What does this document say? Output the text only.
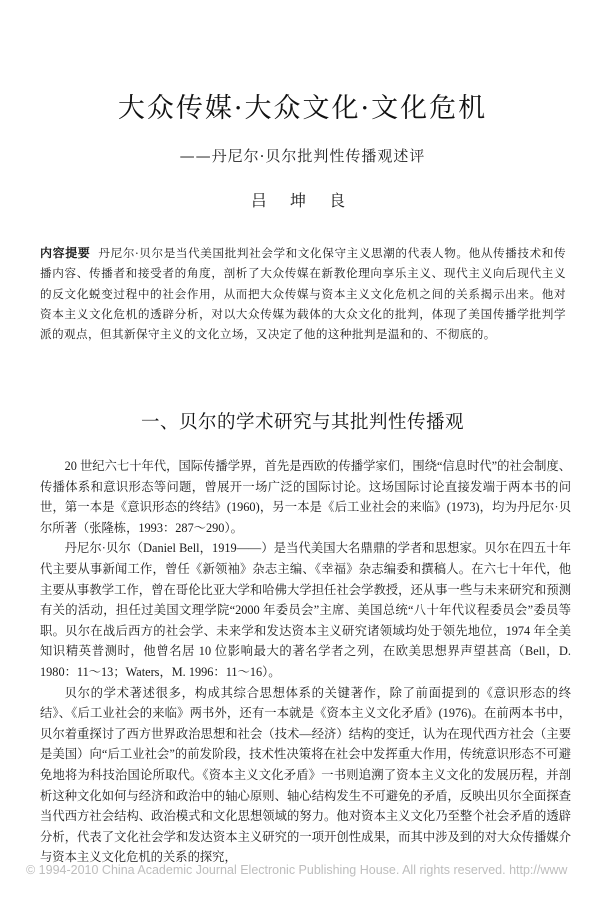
大众传媒·大众文化·文化危机
——丹尼尔·贝尔批判性传播观述评
吕 坤 良
内容提要 丹尼尔·贝尔是当代美国批判社会学和文化保守主义思潮的代表人物。他从传播技术和传播内容、传播者和接受者的角度，剖析了大众传媒在新教伦理向享乐主义、现代主义向后现代主义的反文化蜕变过程中的社会作用，从而把大众传媒与资本主义文化危机之间的关系揭示出来。他对资本主义文化危机的透辟分析，对以大众传媒为载体的大众文化的批判，体现了美国传播学批判学派的观点，但其新保守主义的文化立场，又决定了他的这种批判是温和的、不彻底的。
一、贝尔的学术研究与其批判性传播观

20 世纪六七十年代，国际传播学界，首先是西欧的传播学家们，围绕“信息时代”的社会制度、传播体系和意识形态等问题，曾展开一场广泛的国际讨论。这场国际讨论直接发端于两本书的问世，第一本是《意识形态的终结》(1960)，另一本是《后工业社会的来临》(1973)，均为丹尼尔·贝尔所著（张隆栋，1993：287～290）。

丹尼尔·贝尔（Daniel Bell，1919——）是当代美国大名鼎鼎的学者和思想家。贝尔在四五十年代主要从事新闻工作，曾任《新领袖》杂志主编、《幸福》杂志编委和撰稿人。在六七十年代，他主要从事教学工作，曾在哥伦比亚大学和哈佛大学担任社会学教授，还从事一些与未来研究和预测有关的活动，担任过美国文理学院“2000 年委员会”主席、美国总统“八十年代议程委员会”委员等职。贝尔在战后西方的社会学、未来学和发达资本主义研究诸领域均处于领先地位，1974 年全美知识精英普测时，他曾名居 10 位影响最大的著名学者之列，在欧美思想界声望甚高（Bell，D. 1980：11～13；Waters，M. 1996：11～16）。

贝尔的学术著述很多，构成其综合思想体系的关键著作，除了前面提到的《意识形态的终结》、《后工业社会的来临》两书外，还有一本就是《资本主义文化矛盾》(1976)。在前两本书中，贝尔着重探讨了西方世界政治思想和社会（技术—经济）结构的变迁，认为在现代西方社会（主要是美国）向“后工业社会”的前发阶段，技术性决策将在社会中发挥重大作用，传统意识形态不可避免地将为科技治国论所取代。《资本主义文化矛盾》一书则追溯了资本主义文化的发展历程，并剖析这种文化如何与经济和政治中的轴心原则、轴心结构发生不可避免的矛盾，反映出贝尔全面探查当代西方社会结构、政治模式和文化思想领域的努力。他对资本主义文化乃至整个社会矛盾的透辟分析，代表了文化社会学和发达资本主义研究的一项开创性成果，而其中涉及到的对大众传播媒介与资本主义文化危机的关系的探究，

© 1994-2010 China Academic Journal Electronic Publishing House. All rights reserved. http://www
